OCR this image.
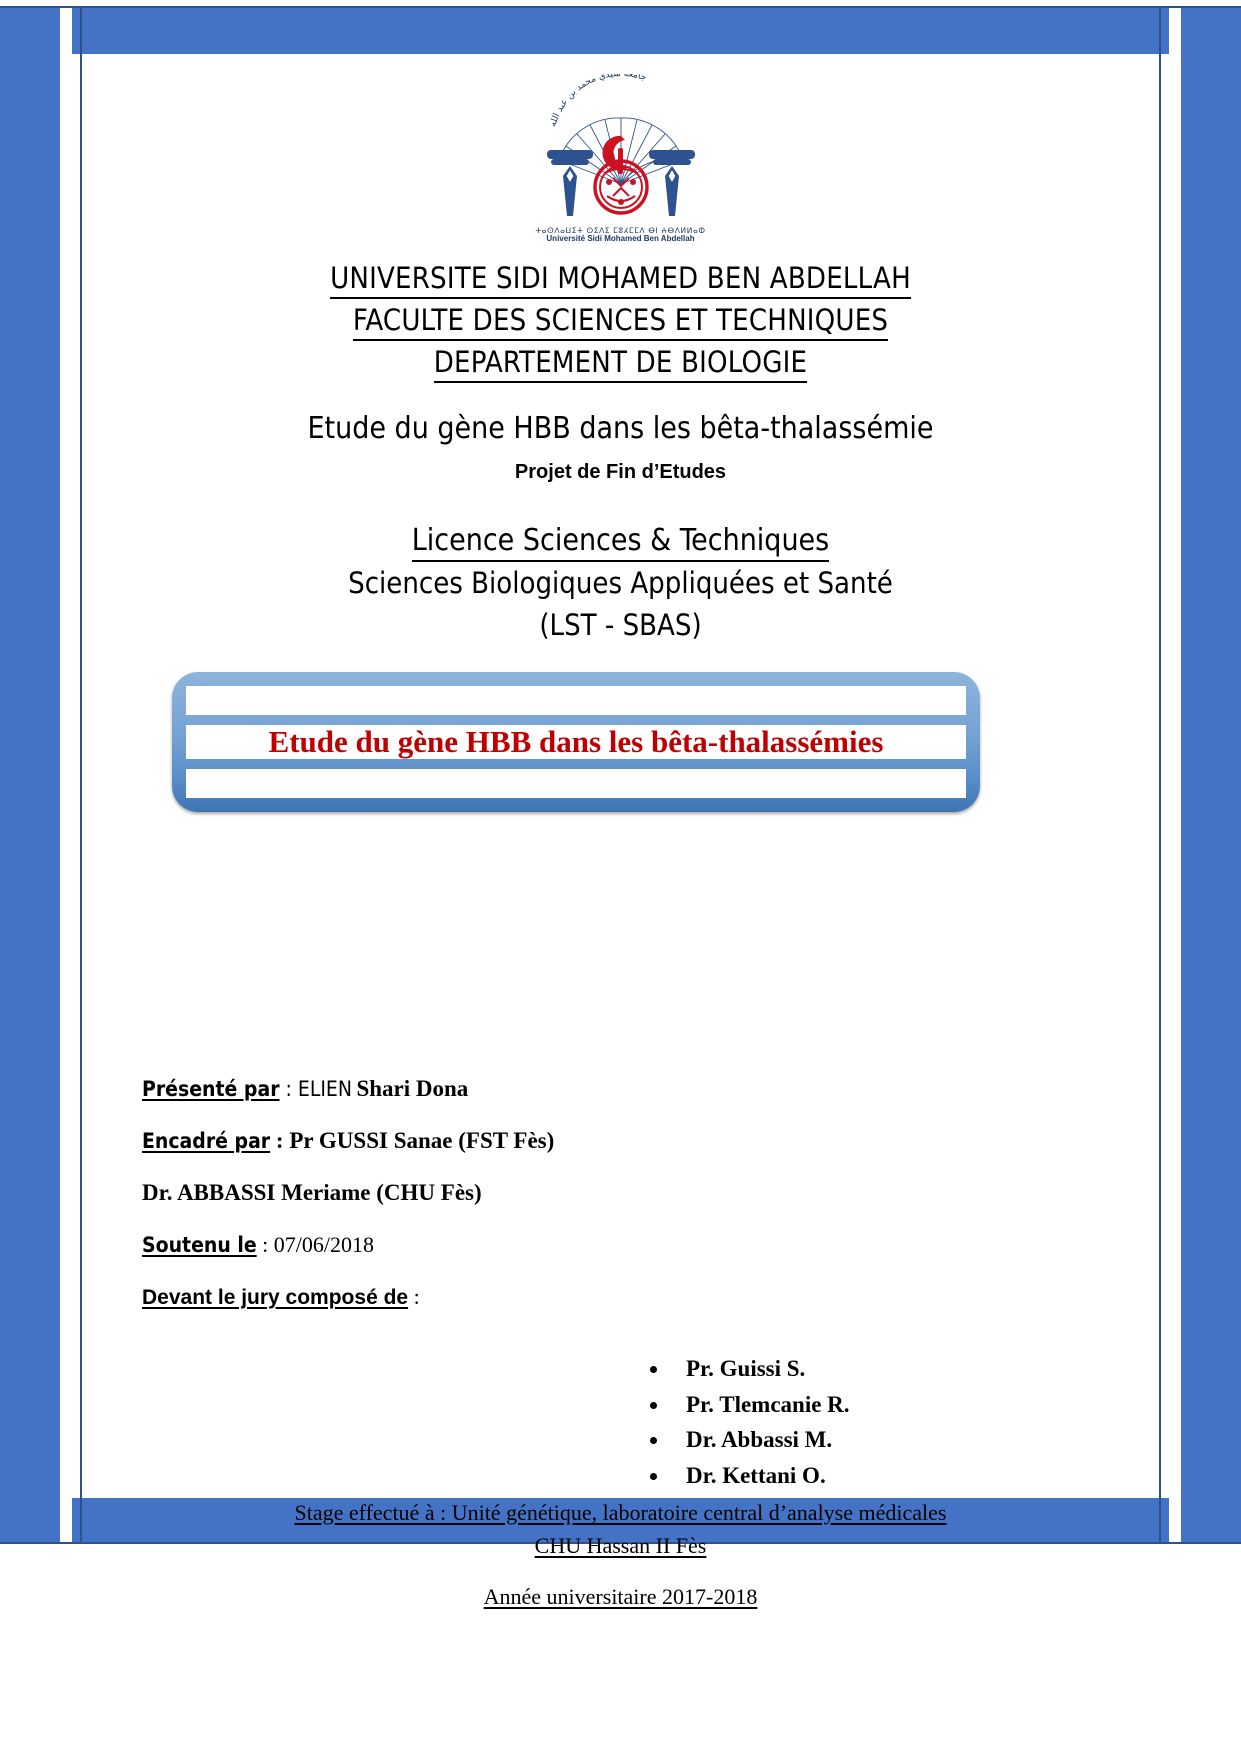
ﺟﺎﻣﻌﺔ ﺳﻴﺪﻱ ﻣﺤﻤﺪ ﺑﻦ ﻋﺒﺪ ﺍﻟﻠﻪ
ⵜⴰⵙⴷⴰⵡⵉⵜ ⵙⵉⴷⵉ ⵎⵓⵃⵎⵎⴷ ⴱⵏ ⵄⴱⴷⵍⵍⴰⵀ
Université Sidi Mohamed Ben Abdellah
UNIVERSITE SIDI MOHAMED BEN ABDELLAH
FACULTE DES SCIENCES ET TECHNIQUES
DEPARTEMENT DE BIOLOGIE
Etude du gène HBB dans les bêta-thalassémie
Projet de Fin d’Etudes
Licence Sciences & Techniques
Sciences Biologiques Appliquées et Santé
(LST - SBAS)
Etude du gène HBB dans les bêta-thalassémies
Présenté par : ELIEN Shari Dona
Encadré par : Pr GUSSI Sanae (FST Fès)
Dr. ABBASSI Meriame (CHU Fès)
Soutenu le : 07/06/2018
Devant le jury composé de :
• Pr. Guissi S.
• Pr. Tlemcanie R.
• Dr. Abbassi M.
• Dr. Kettani O.
Stage effectué à : Unité génétique, laboratoire central d’analyse médicales
CHU Hassan II Fès
Année universitaire 2017-2018
